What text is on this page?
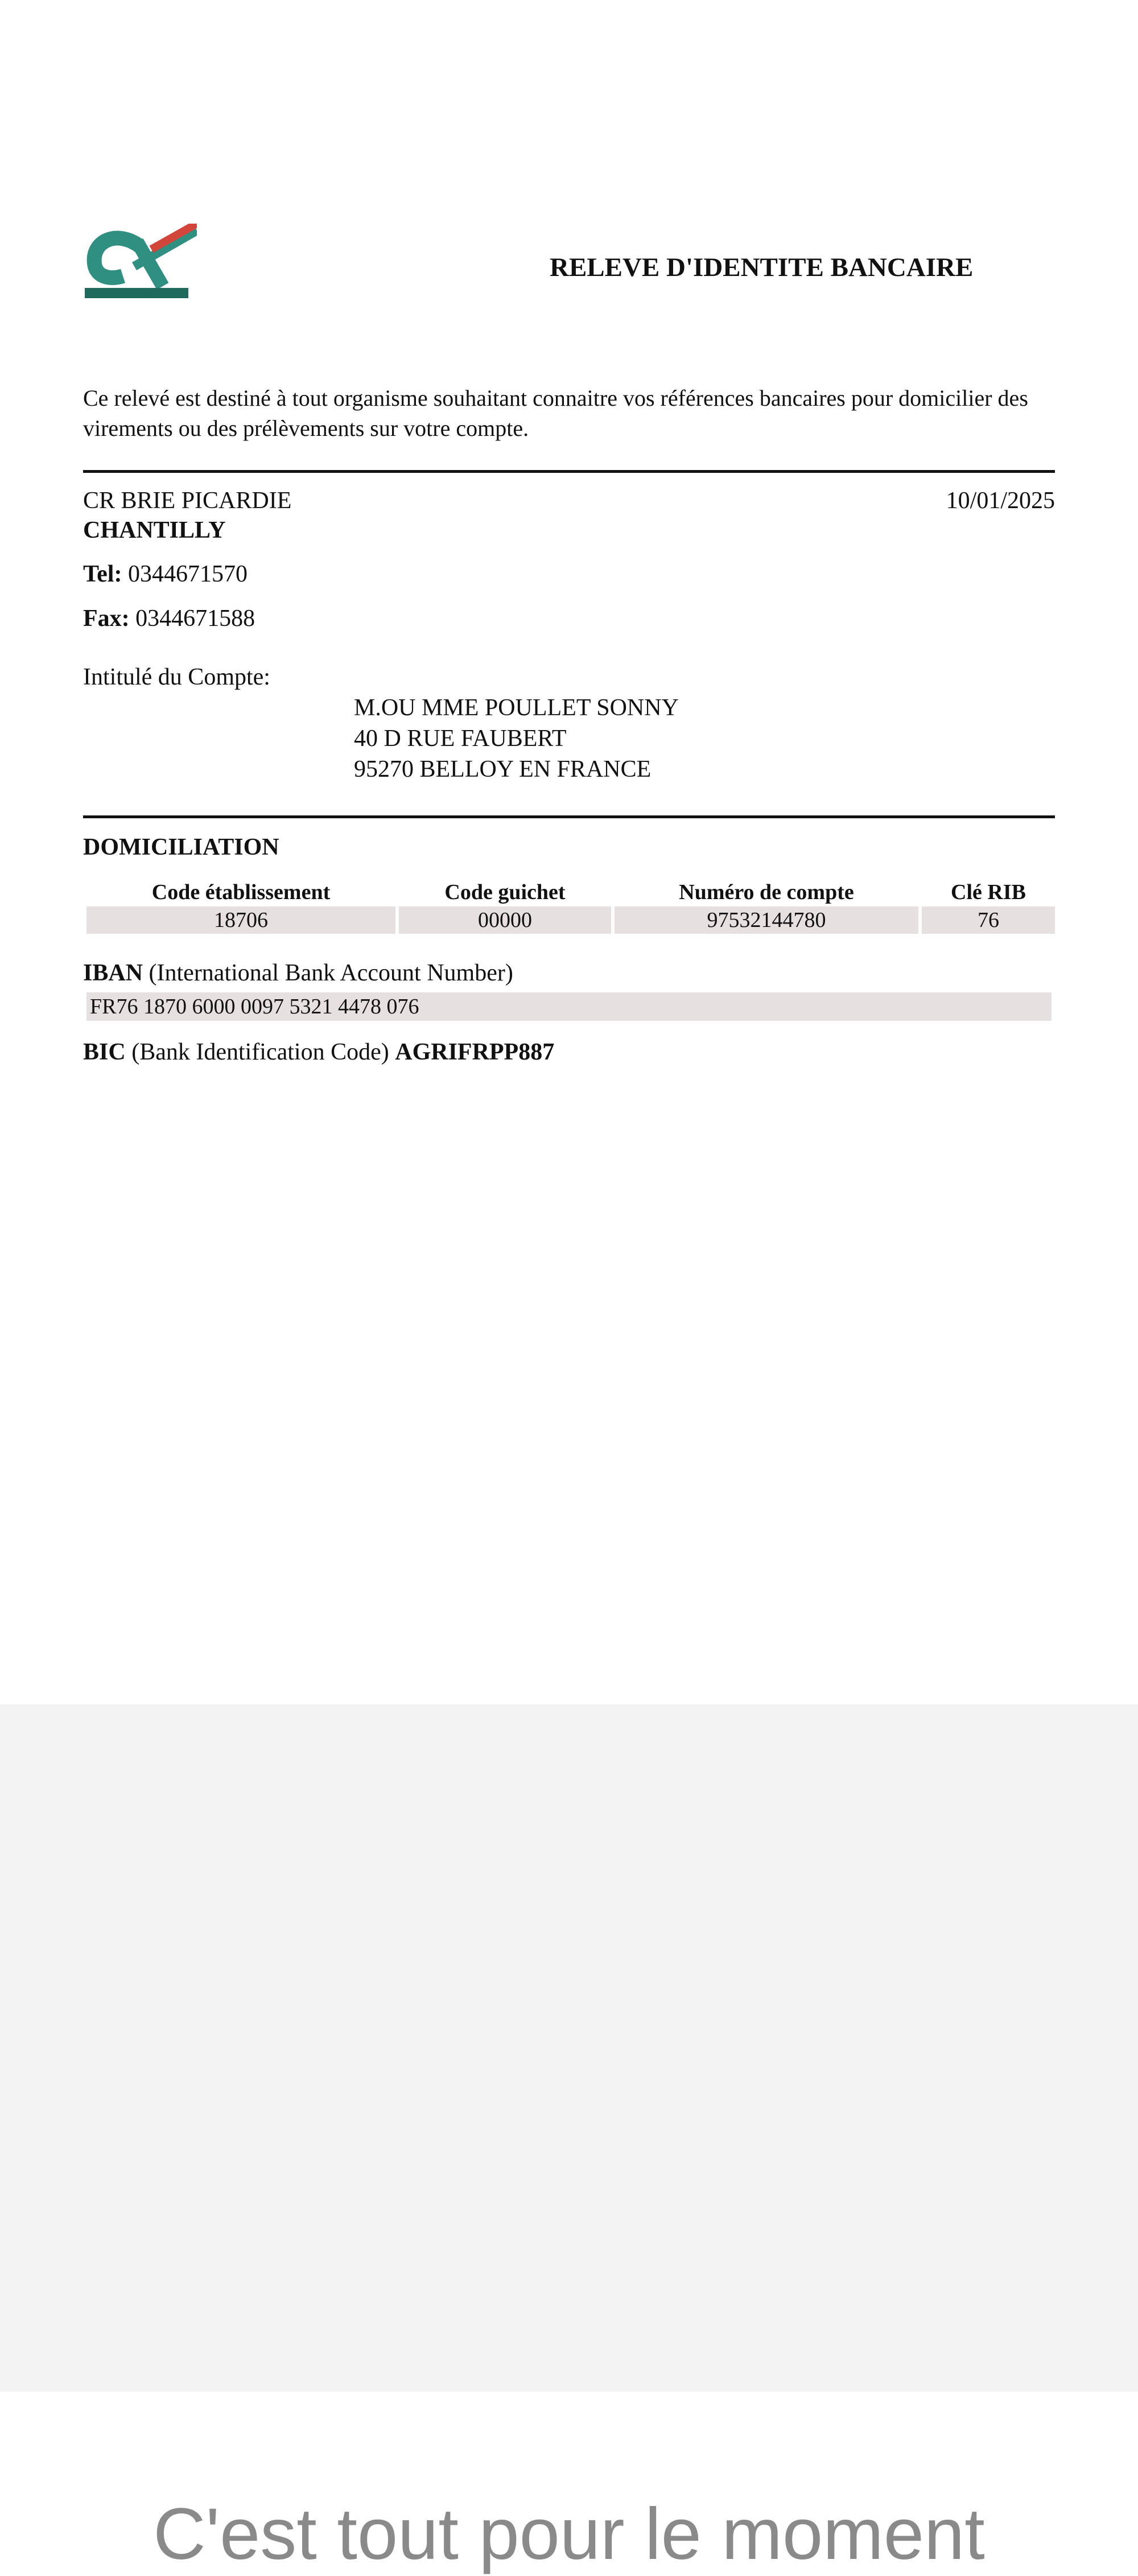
RELEVE D'IDENTITE BANCAIRE
Ce relevé est destiné à tout organisme souhaitant connaitre vos références bancaires pour domicilier des virements ou des prélèvements sur votre compte.
CR BRIE PICARDIE	10/01/2025
CHANTILLY
Tel: 0344671570
Fax: 0344671588
Intitulé du Compte:
M.OU MME POULLET SONNY
40 D RUE FAUBERT
95270 BELLOY EN FRANCE
DOMICILIATION
Code établissement	Code guichet	Numéro de compte	Clé RIB
18706	00000	97532144780	76
IBAN (International Bank Account Number)
FR76 1870 6000 0097 5321 4478 076
BIC (Bank Identification Code) AGRIFRPP887
C'est tout pour le moment
